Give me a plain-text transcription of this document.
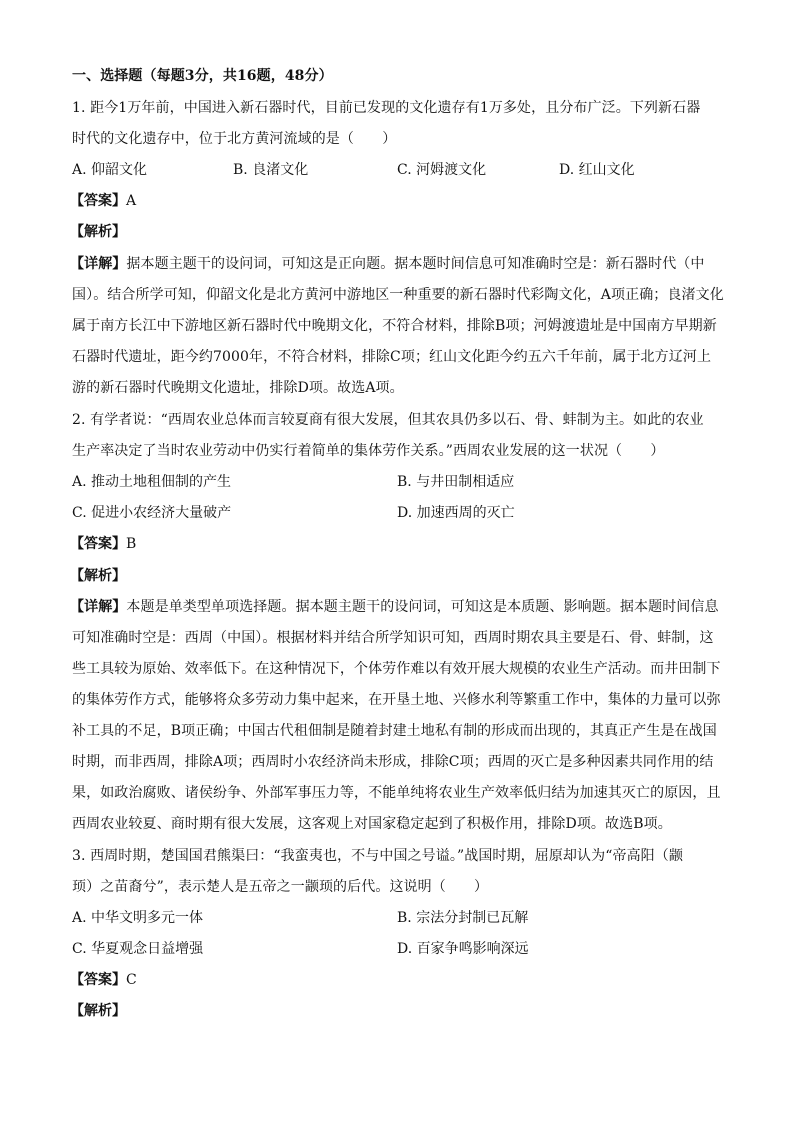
一、选择题（每题3分，共16题，48分）
1. 距今1万年前，中国进入新石器时代，目前已发现的文化遗存有1万多处，且分布广泛。下列新石器
时代的文化遗存中，位于北方黄河流域的是（　　）
A. 仰韶文化	B. 良渚文化	C. 河姆渡文化	D. 红山文化
【答案】A
【解析】
【详解】据本题主题干的设问词，可知这是正向题。据本题时间信息可知准确时空是：新石器时代（中
国）。结合所学可知，仰韶文化是北方黄河中游地区一种重要的新石器时代彩陶文化，A项正确；良渚文化
属于南方长江中下游地区新石器时代中晚期文化，不符合材料，排除B项；河姆渡遗址是中国南方早期新
石器时代遗址，距今约7000年，不符合材料，排除C项；红山文化距今约五六千年前，属于北方辽河上
游的新石器时代晚期文化遗址，排除D项。故选A项。
2. 有学者说：“西周农业总体而言较夏商有很大发展，但其农具仍多以石、骨、蚌制为主。如此的农业
生产率决定了当时农业劳动中仍实行着简单的集体劳作关系。”西周农业发展的这一状况（　　）
A. 推动土地租佃制的产生	B. 与井田制相适应
C. 促进小农经济大量破产	D. 加速西周的灭亡
【答案】B
【解析】
【详解】本题是单类型单项选择题。据本题主题干的设问词，可知这是本质题、影响题。据本题时间信息
可知准确时空是：西周（中国）。根据材料并结合所学知识可知，西周时期农具主要是石、骨、蚌制，这
些工具较为原始、效率低下。在这种情况下，个体劳作难以有效开展大规模的农业生产活动。而井田制下
的集体劳作方式，能够将众多劳动力集中起来，在开垦土地、兴修水利等繁重工作中，集体的力量可以弥
补工具的不足，B项正确；中国古代租佃制是随着封建土地私有制的形成而出现的，其真正产生是在战国
时期，而非西周，排除A项；西周时小农经济尚未形成，排除C项；西周的灭亡是多种因素共同作用的结
果，如政治腐败、诸侯纷争、外部军事压力等，不能单纯将农业生产效率低归结为加速其灭亡的原因，且
西周农业较夏、商时期有很大发展，这客观上对国家稳定起到了积极作用，排除D项。故选B项。
3. 西周时期，楚国国君熊渠曰：“我蛮夷也，不与中国之号谥。”战国时期，屈原却认为“帝高阳（颛
顼）之苗裔兮”，表示楚人是五帝之一颛顼的后代。这说明（　　）
A. 中华文明多元一体	B. 宗法分封制已瓦解
C. 华夏观念日益增强	D. 百家争鸣影响深远
【答案】C
【解析】
